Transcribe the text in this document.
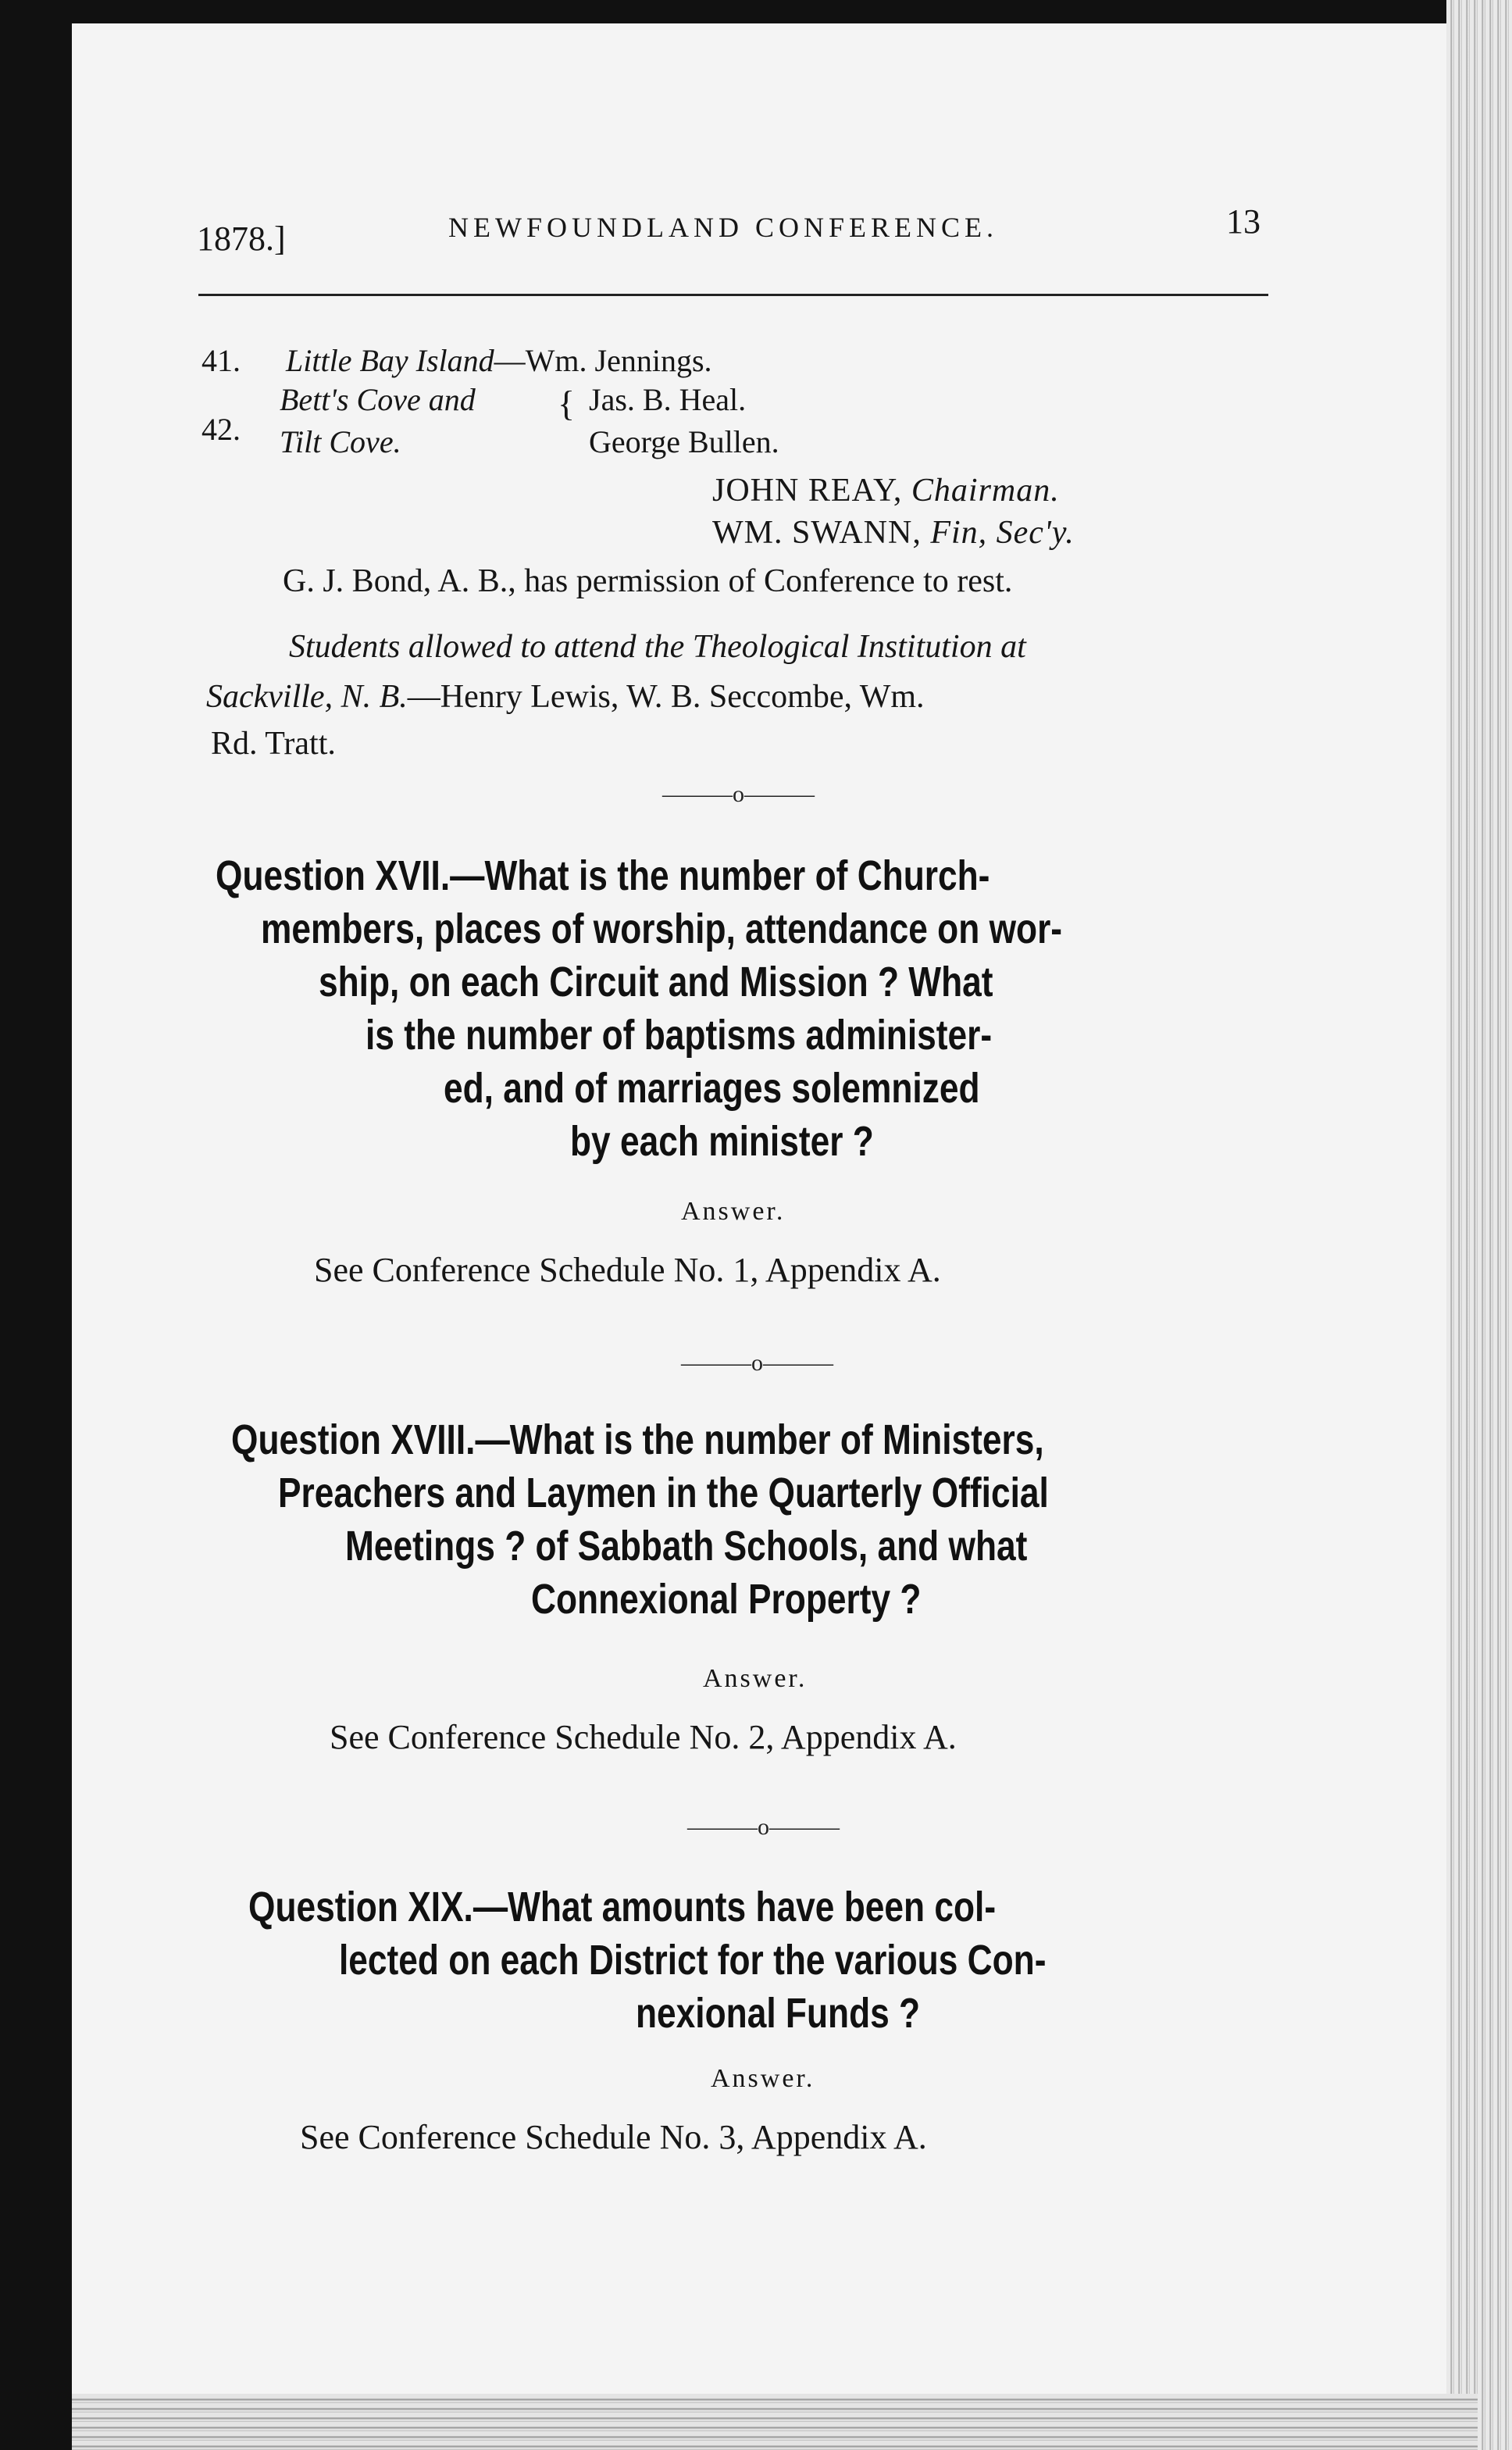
1878.]	NEWFOUNDLAND CONFERENCE.	13
41. Little Bay Island—Wm. Jennings.
42.
Bett's Cove and
Tilt Cove.
{ Jas. B. Heal.
George Bullen.
JOHN REAY, Chairman.
WM. SWANN, Fin, Sec'y.
G. J. Bond, A. B., has permission of Conference to rest.
Students allowed to attend the Theological Institution at
Sackville, N. B.—Henry Lewis, W. B. Seccombe, Wm.
Rd. Tratt.
———o———
Question XVII.—What is the number of Church-
members, places of worship, attendance on wor-
ship, on each Circuit and Mission ? What
is the number of baptisms administer-
ed, and of marriages solemnized
by each minister ?
Answer.
See Conference Schedule No. 1, Appendix A.
———o———
Question XVIII.—What is the number of Ministers,
Preachers and Laymen in the Quarterly Official
Meetings ? of Sabbath Schools, and what
Connexional Property ?
Answer.
See Conference Schedule No. 2, Appendix A.
———o———
Question XIX.—What amounts have been col-
lected on each District for the various Con-
nexional Funds ?
Answer.
See Conference Schedule No. 3, Appendix A.
